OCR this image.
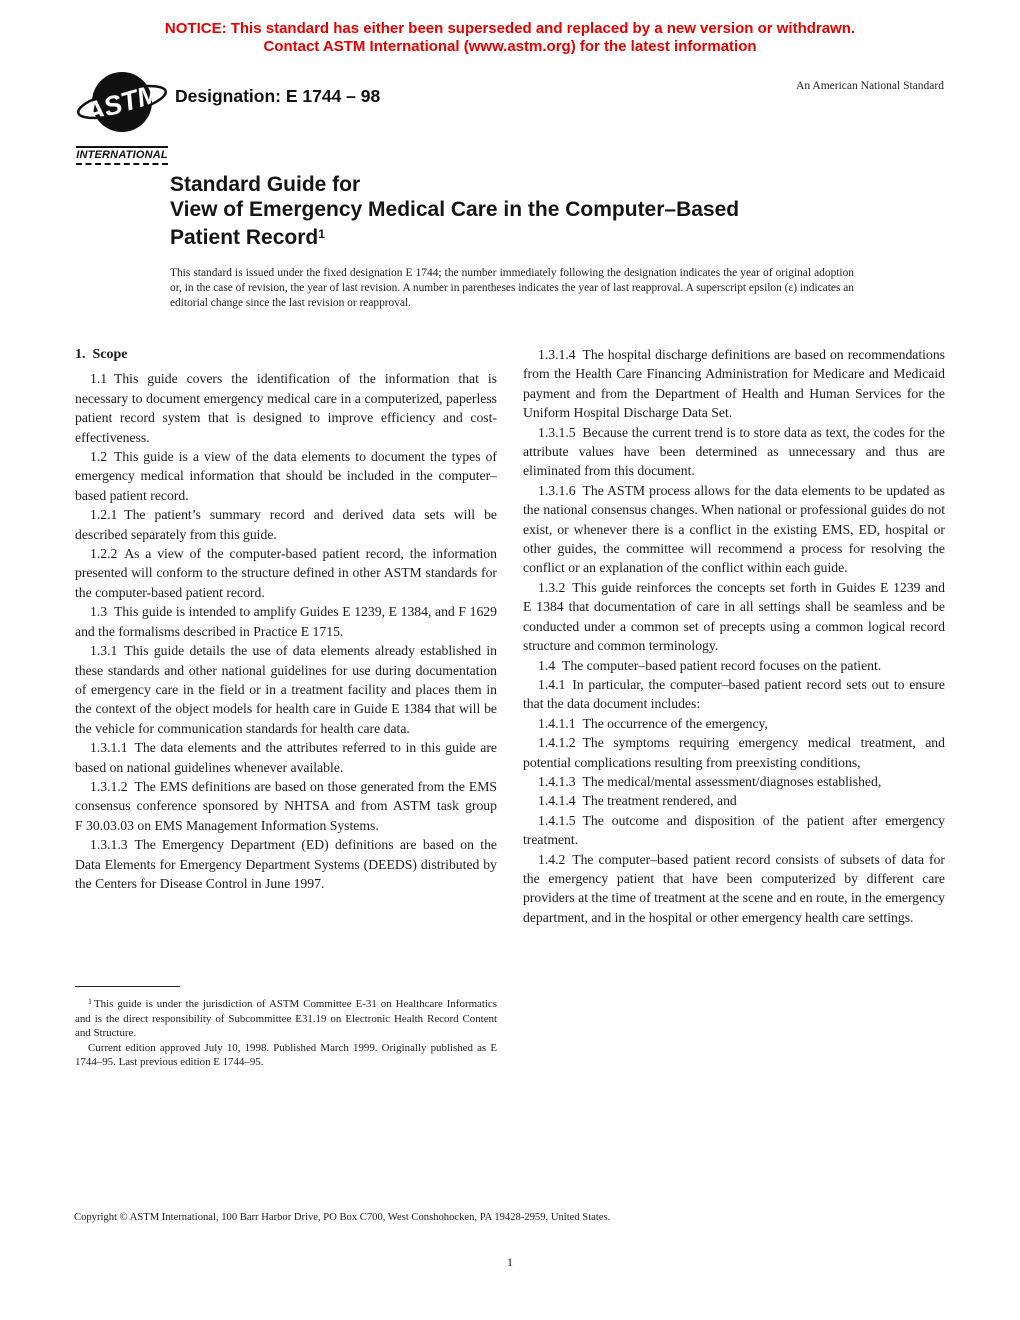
NOTICE: This standard has either been superseded and replaced by a new version or withdrawn.
Contact ASTM International (www.astm.org) for the latest information
ASTM
INTERNATIONAL
Designation: E 1744 – 98	An American National Standard
Standard Guide for
View of Emergency Medical Care in the Computer–Based
Patient Record$^1$
This standard is issued under the fixed designation E 1744; the number immediately following the designation indicates the year of original adoption or, in the case of revision, the year of last revision. A number in parentheses indicates the year of last reapproval. A superscript epsilon (ε) indicates an editorial change since the last revision or reapproval.
1. Scope

1.1 This guide covers the identification of the information that is necessary to document emergency medical care in a computerized, paperless patient record system that is designed to improve efficiency and cost-effectiveness.

1.2 This guide is a view of the data elements to document the types of emergency medical information that should be included in the computer–based patient record.

1.2.1 The patient’s summary record and derived data sets will be described separately from this guide.

1.2.2 As a view of the computer-based patient record, the information presented will conform to the structure defined in other ASTM standards for the computer-based patient record.

1.3 This guide is intended to amplify Guides E 1239, E 1384, and F 1629 and the formalisms described in Practice E 1715.

1.3.1 This guide details the use of data elements already established in these standards and other national guidelines for use during documentation of emergency care in the field or in a treatment facility and places them in the context of the object models for health care in Guide E 1384 that will be the vehicle for communication standards for health care data.

1.3.1.1 The data elements and the attributes referred to in this guide are based on national guidelines whenever available.

1.3.1.2 The EMS definitions are based on those generated from the EMS consensus conference sponsored by NHTSA and from ASTM task group F 30.03.03 on EMS Management Information Systems.

1.3.1.3 The Emergency Department (ED) definitions are based on the Data Elements for Emergency Department Systems (DEEDS) distributed by the Centers for Disease Control in June 1997.

1.3.1.4 The hospital discharge definitions are based on recommendations from the Health Care Financing Administration for Medicare and Medicaid payment and from the Department of Health and Human Services for the Uniform Hospital Discharge Data Set.

1.3.1.5 Because the current trend is to store data as text, the codes for the attribute values have been determined as unnecessary and thus are eliminated from this document.

1.3.1.6 The ASTM process allows for the data elements to be updated as the national consensus changes. When national or professional guides do not exist, or whenever there is a conflict in the existing EMS, ED, hospital or other guides, the committee will recommend a process for resolving the conflict or an explanation of the conflict within each guide.

1.3.2 This guide reinforces the concepts set forth in Guides E 1239 and E 1384 that documentation of care in all settings shall be seamless and be conducted under a common set of precepts using a common logical record structure and common terminology.

1.4 The computer–based patient record focuses on the patient.

1.4.1 In particular, the computer–based patient record sets out to ensure that the data document includes:

1.4.1.1 The occurrence of the emergency,

1.4.1.2 The symptoms requiring emergency medical treatment, and potential complications resulting from preexisting conditions,

1.4.1.3 The medical/mental assessment/diagnoses established,

1.4.1.4 The treatment rendered, and

1.4.1.5 The outcome and disposition of the patient after emergency treatment.

1.4.2 The computer–based patient record consists of subsets of data for the emergency patient that have been computerized by different care providers at the time of treatment at the scene and en route, in the emergency department, and in the hospital or other emergency health care settings.

$^1$ This guide is under the jurisdiction of ASTM Committee E-31 on Healthcare Informatics and is the direct responsibility of Subcommittee E31.19 on Electronic Health Record Content and Structure.

Current edition approved July 10, 1998. Published March 1999. Originally published as E 1744–95. Last previous edition E 1744–95.

Copyright © ASTM International, 100 Barr Harbor Drive, PO Box C700, West Conshohocken, PA 19428-2959, United States.
1
